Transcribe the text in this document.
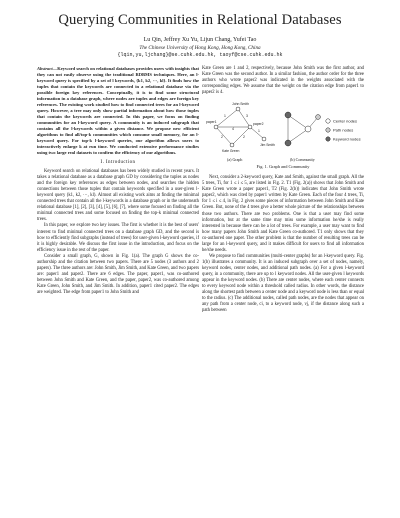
Querying Communities in Relational Databases
Lu Qin, Jeffrey Xu Yu, Lijun Chang, Yufei Tao
The Chinese University of Hong Kong, Hong Kong, China
{lqin,yu,ljchang}@se.cuhk.edu.hk, taoyf@cse.cuhk.edu.hk

Abstract—Keyword search on relational databases provides users with insights that they can not easily observe using the traditional RDBMS techniques. Here, an l-keyword query is specified by a set of l keywords, {k1, k2, ···, kl}. It finds how the tuples that contain the keywords are connected in a relational database via the possible foreign key references. Conceptually, it is to find some structural information in a database graph, where nodes are tuples and edges are foreign key references. The existing work studied how to find connected trees for an l-keyword query. However, a tree may only show partial information about how those tuples that contain the keywords are connected. In this paper, we focus on finding communities for an l-keyword query. A community is an induced subgraph that contains all the l-keywords within a given distance. We propose new efficient algorithms to find all/top-k communities which consume small memory, for an l-keyword query. For top-k l-keyword queries, our algorithm allows users to interactively enlarge k at run time. We conducted extensive performance studies using two large real datasets to confirm the efficiency of our algorithms.

I. Introduction

Keyword search on relational databases has been widely studied in recent years. It takes a relational database as a database graph GD by considering the tuples as nodes and the foreign key references as edges between nodes, and searches the hidden connections between those tuples that contain keywords specified in a user-given l-keyword query (k1, k2, ···, kl). Almost all existing work aims at finding the minimal connected trees that contain all the l-keywords in a database graph or in the underneath relational database [1], [2], [3], [4], [5], [6], [7], where some focused on finding all the minimal connected trees and some focused on finding the top-k minimal connected trees.

In this paper, we explore two key issues. The first is whether it is the best of users' interest to find minimal connected trees on a database graph GD, and the second is how to efficiently find subgraphs (instead of trees) for user-given l-keyword queries, if it is highly desirable. We discuss the first issue in the introduction, and focus on the efficiency issue in the rest of the paper.

Consider a small graph, G, shown in Fig. 1(a). The graph G shows the co-authorship and the citation between two papers. There are 5 nodes (3 authors and 2 papers). The three authors are: John Smith, Jim Smith, and Kate Green, and two papers are: paper1 and paper2. There are 6 edges. The paper, paper1, was co-authored between John Smith and Kate Green, and the paper, paper2, was co-authored among Kate Green, John Smith, and Jim Smith. In addition, paper1 cited paper2. The edges are weighted. The edge from paper1 to John Smith and

Kate Green are 1 and 2, respectively, because John Smith was the first author, and Kate Green was the second author. In a similar fashion, the author order for the three authors who wrote paper2 was indicated in the weights associated with the corresponding edges. We assume that the weight on the citation edge from paper1 to paper2 is 4.

John Smith
paper1	paper2
Kate Green
Jim Smith
1
2
3
2
1
4
Center nodes
Path nodes
Keyword nodes
(a) Graph	(b) Community
Fig. 1. Graph and Community

Next, consider a 2-keyword query, Kate and Smith, against the small graph. All the 5 trees, Ti, for 1 ≤ i ≤ 5, are listed in Fig. 2. T1 (Fig. 2(a)) shows that John Smith and Kate Green wrote a paper paper1, T2 (Fig. 2(b)) indicates that John Smith wrote paper2, which was cited by paper1 written by Kate Green. Each of the four 4 trees, Ti, for 1 ≤ i ≤ 4, in Fig. 2 gives some pieces of information between John Smith and Kate Green. But, none of the 4 trees give a better whole picture of the relationships between those two authors. There are two problems. One is that a user may find some information, but at the same time may miss some information he/she is really interested in because there can be a lot of trees. For example, a user may want to find how many papers John Smith and Kate Green co-authored. T1 only shows that they co-authored one paper. The other problem is that the number of resulting trees can be large for an l-keyword query, and it makes difficult for users to find all information he/she needs.

We propose to find communities (multi-center graphs) for an l-keyword query. Fig. 1(b) illustrates a community. It is an induced subgraph over a set of nodes, namely, keyword nodes, center nodes, and additional path nodes. (a) For a given l-keyword query, in a community, there are up to l keyword nodes. All the user-given l keywords appear in the keyword nodes. (b) There are center nodes, where each center connects to every keyword node within a threshold called radius. In other words, the distance along the shortest path between a center node and a keyword node is less than or equal to the radius. (c) The additional nodes, called path nodes, are the nodes that appear on any path from a center node, ci, to a keyword node, vj, if the distance along such a path between
